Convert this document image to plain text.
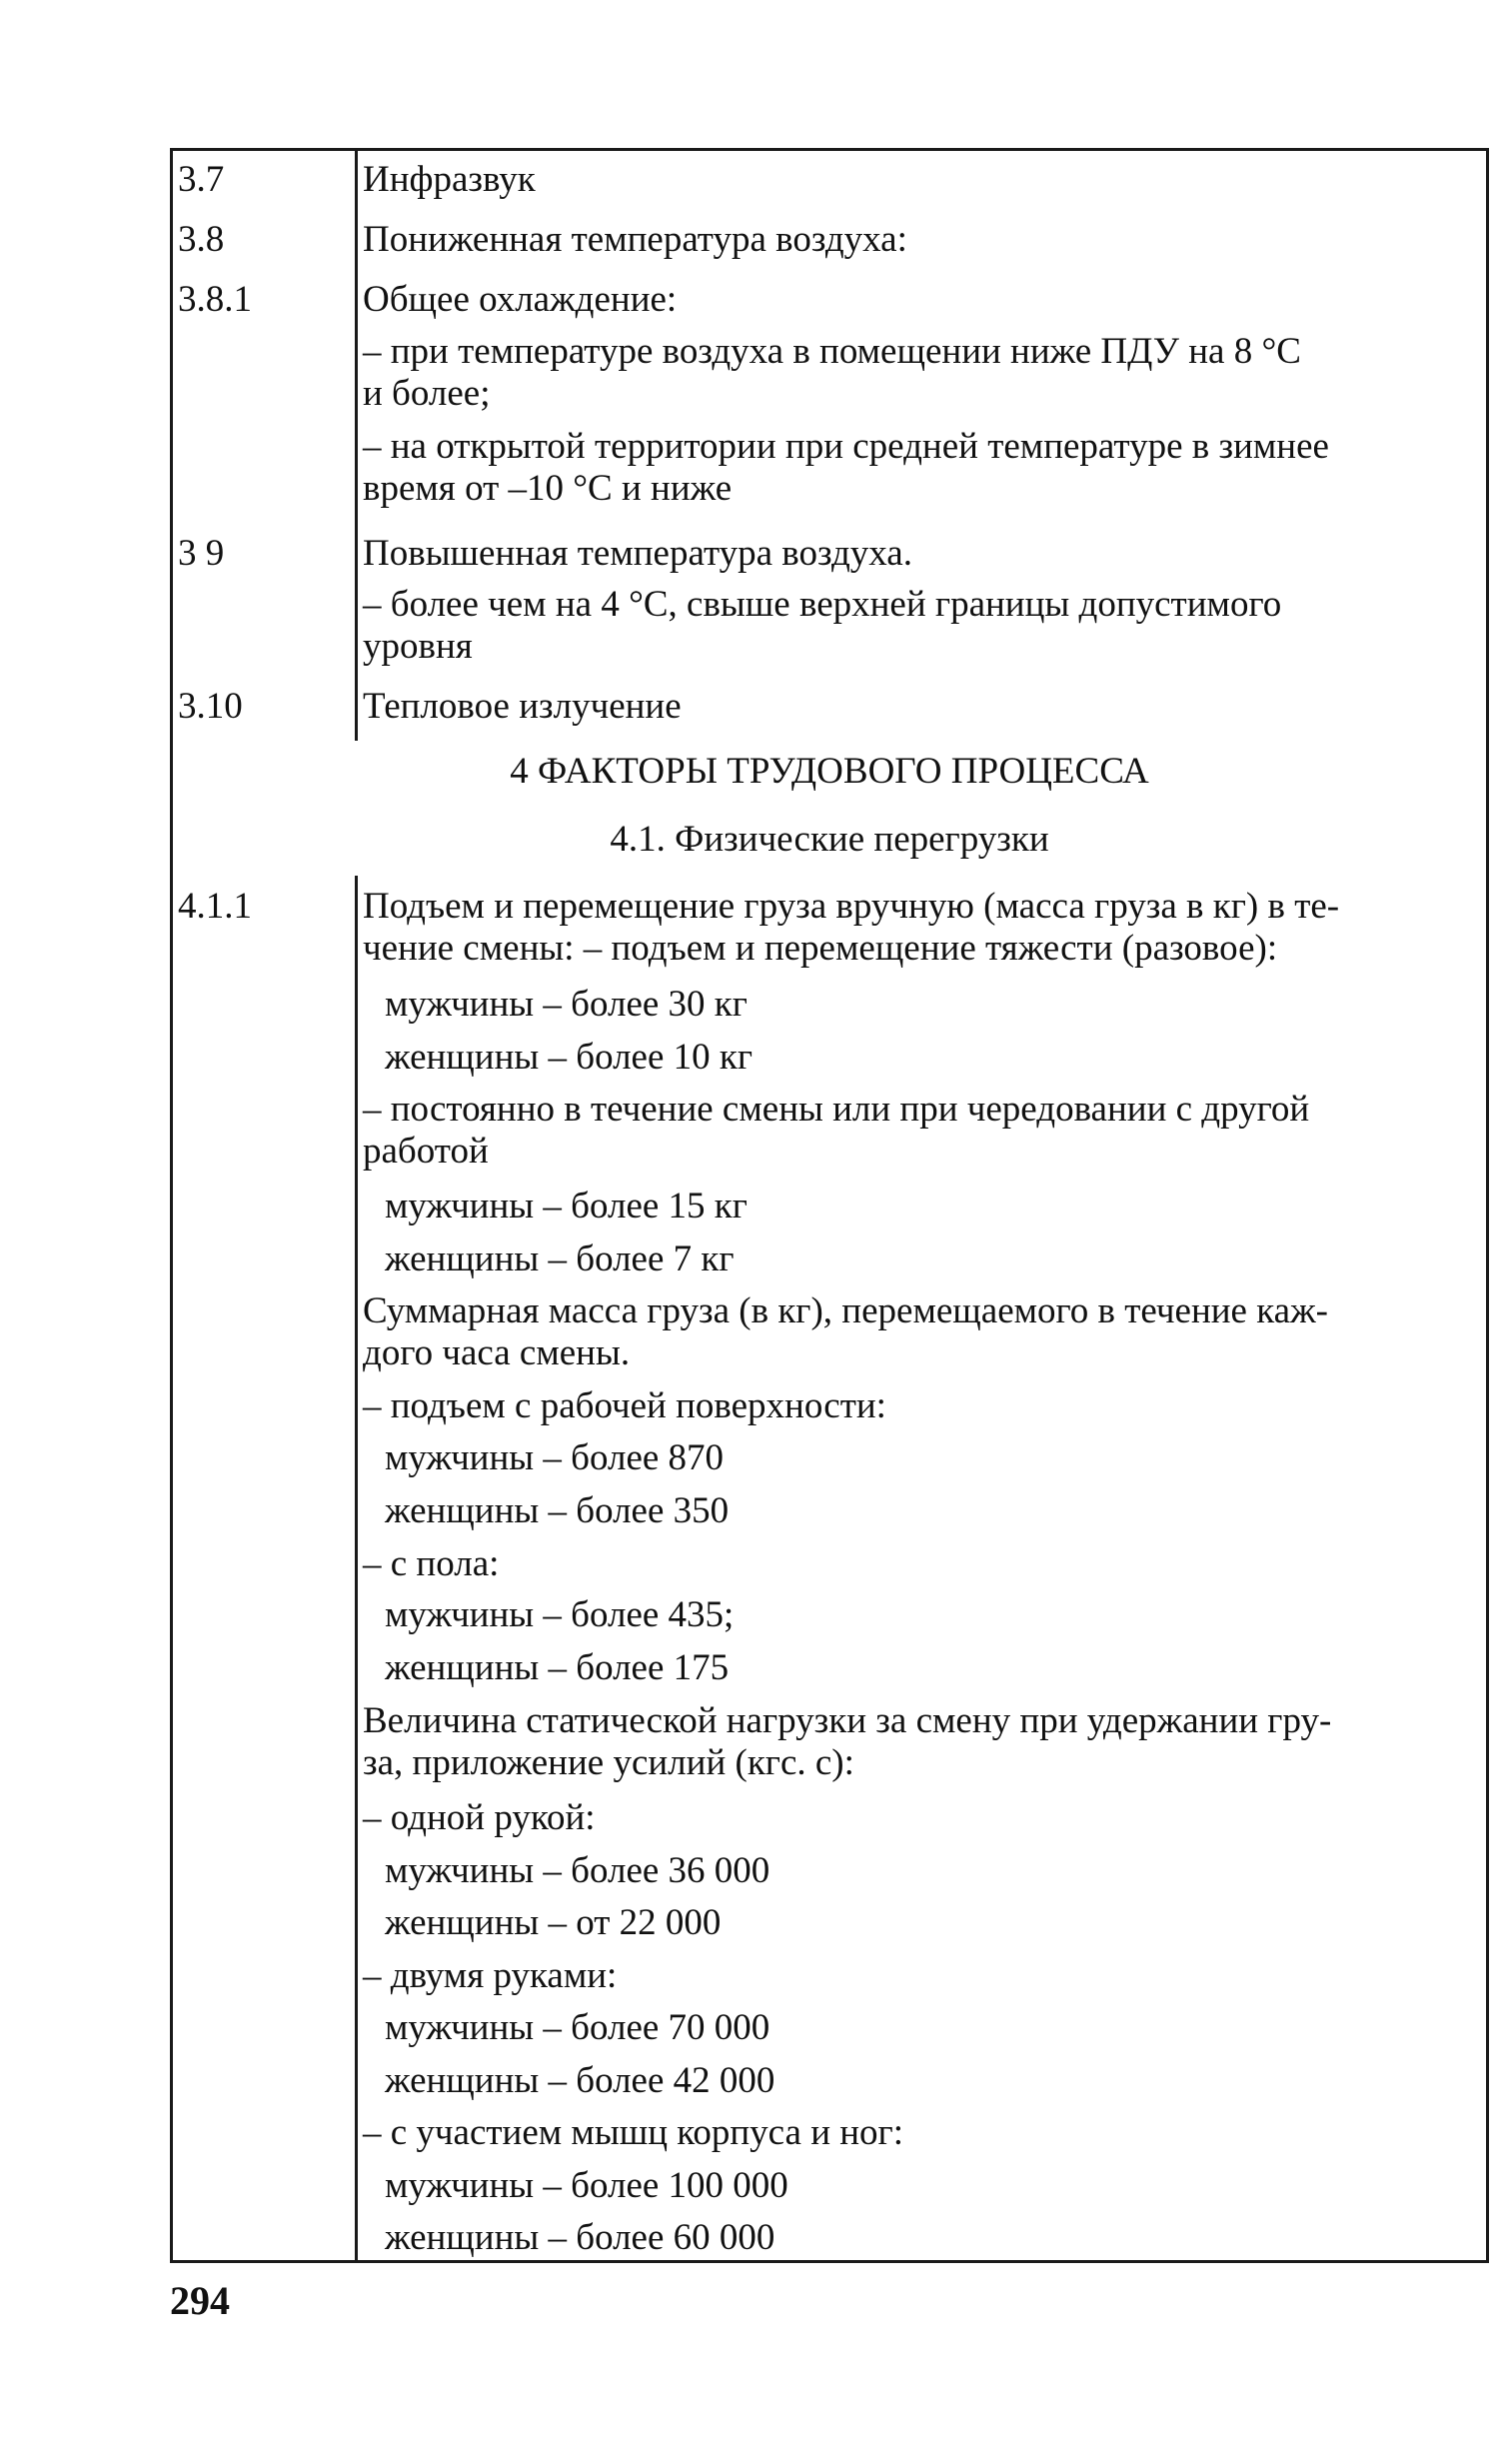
3.7	Инфразвук
3.8	Пониженная температура воздуха:
3.8.1	Общее охлаждение:
– при температуре воздуха в помещении ниже ПДУ на 8 °С
и более;
– на открытой территории при средней температуре в зимнее
время от –10 °С и ниже
3 9	Повышенная температура воздуха.
– более чем на 4 °С, свыше верхней границы допустимого
уровня
3.10	Тепловое излучение
4 ФАКТОРЫ ТРУДОВОГО ПРОЦЕССА
4.1. Физические перегрузки
4.1.1	Подъем и перемещение груза вручную (масса груза в кг) в те-
чение смены: – подъем и перемещение тяжести (разовое):
мужчины – более 30 кг
женщины – более 10 кг
– постоянно в течение смены или при чередовании с другой
работой
мужчины – более 15 кг
женщины – более 7 кг
Суммарная масса груза (в кг), перемещаемого в течение каж-
дого часа смены.
– подъем с рабочей поверхности:
мужчины – более 870
женщины – более 350
– с пола:
мужчины – более 435;
женщины – более 175
Величина статической нагрузки за смену при удержании гру-
за, приложение усилий (кгс. с):
– одной рукой:
мужчины – более 36 000
женщины – от 22 000
– двумя руками:
мужчины – более 70 000
женщины – более 42 000
– с участием мышц корпуса и ног:
мужчины – более 100 000
женщины – более 60 000
294
